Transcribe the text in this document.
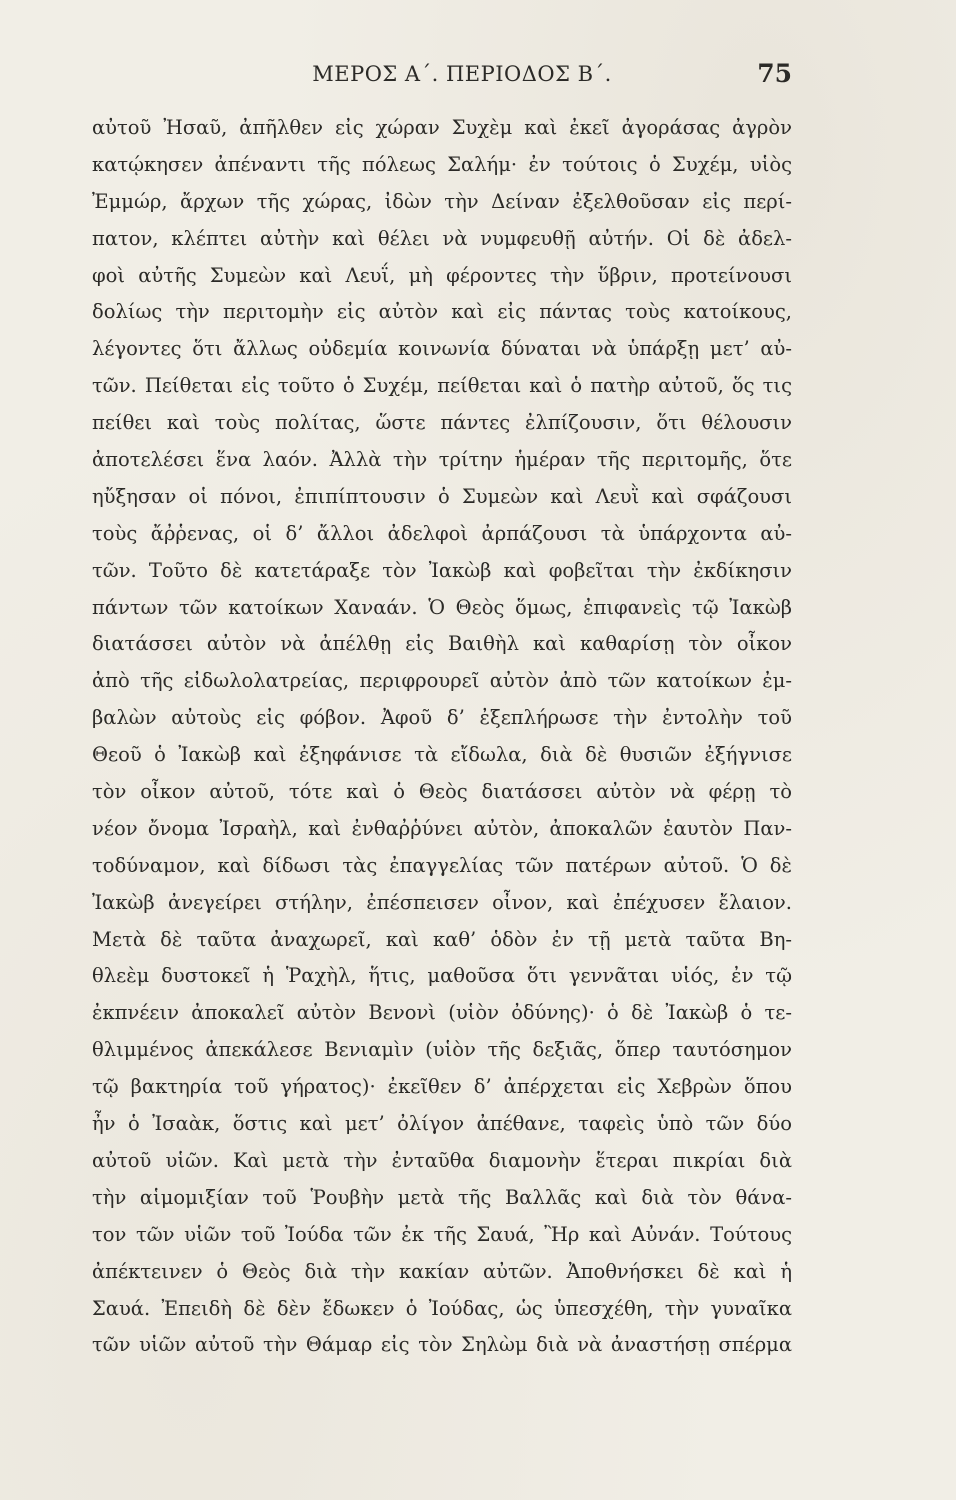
ΜΕΡΟΣ Α΄. ΠΕΡΙΟΔΟΣ Β΄.	75
αὐτοῦ Ἠσαῦ, ἀπῆλθεν εἰς χώραν Συχὲμ καὶ ἐκεῖ ἀγοράσας ἀγρὸν
κατῴκησεν ἀπέναντι τῆς πόλεως Σαλήμ· ἐν τούτοις ὁ Συχέμ, υἱὸς
Ἐμμώρ, ἄρχων τῆς χώρας, ἰδὼν τὴν Δείναν ἐξελθοῦσαν εἰς περί-
πατον, κλέπτει αὐτὴν καὶ θέλει νὰ νυμφευθῇ αὐτήν. Οἱ δὲ ἀδελ-
φοὶ αὐτῆς Συμεὼν καὶ Λευΐ, μὴ φέροντες τὴν ὕβριν, προτείνουσι
δολίως τὴν περιτομὴν εἰς αὐτὸν καὶ εἰς πάντας τοὺς κατοίκους,
λέγοντες ὅτι ἄλλως οὐδεμία κοινωνία δύναται νὰ ὑπάρξῃ μετ’ αὐ-
τῶν. Πείθεται εἰς τοῦτο ὁ Συχέμ, πείθεται καὶ ὁ πατὴρ αὐτοῦ, ὅς τις
πείθει καὶ τοὺς πολίτας, ὥστε πάντες ἐλπίζουσιν, ὅτι θέλουσιν
ἀποτελέσει ἕνα λαόν. Ἀλλὰ τὴν τρίτην ἡμέραν τῆς περιτομῆς, ὅτε
ηὔξησαν οἱ πόνοι, ἐπιπίπτουσιν ὁ Συμεὼν καὶ Λευῒ καὶ σφάζουσι
τοὺς ἄῤῥενας, οἱ δ’ ἄλλοι ἀδελφοὶ ἀρπάζουσι τὰ ὑπάρχοντα αὐ-
τῶν. Τοῦτο δὲ κατετάραξε τὸν Ἰακὼβ καὶ φοβεῖται τὴν ἐκδίκησιν
πάντων τῶν κατοίκων Χαναάν. Ὁ Θεὸς ὅμως, ἐπιφανεὶς τῷ Ἰακὼβ
διατάσσει αὐτὸν νὰ ἀπέλθῃ εἰς Βαιθὴλ καὶ καθαρίσῃ τὸν οἶκον
ἀπὸ τῆς εἰδωλολατρείας, περιφρουρεῖ αὐτὸν ἀπὸ τῶν κατοίκων ἐμ-
βαλὼν αὐτοὺς εἰς φόβον. Ἀφοῦ δ’ ἐξεπλήρωσε τὴν ἐντολὴν τοῦ
Θεοῦ ὁ Ἰακὼβ καὶ ἐξηφάνισε τὰ εἴδωλα, διὰ δὲ θυσιῶν ἐξήγνισε
τὸν οἶκον αὐτοῦ, τότε καὶ ὁ Θεὸς διατάσσει αὐτὸν νὰ φέρῃ τὸ
νέον ὄνομα Ἰσραὴλ, καὶ ἐνθαῤῥύνει αὐτὸν, ἀποκαλῶν ἑαυτὸν Παν-
τοδύναμον, καὶ δίδωσι τὰς ἐπαγγελίας τῶν πατέρων αὐτοῦ. Ὁ δὲ
Ἰακὼβ ἀνεγείρει στήλην, ἐπέσπεισεν οἶνον, καὶ ἐπέχυσεν ἔλαιον.
Μετὰ δὲ ταῦτα ἀναχωρεῖ, καὶ καθ’ ὁδὸν ἐν τῇ μετὰ ταῦτα Βη-
θλεὲμ δυστοκεῖ ἡ Ῥαχὴλ, ἥτις, μαθοῦσα ὅτι γεννᾶται υἱός, ἐν τῷ
ἐκπνέειν ἀποκαλεῖ αὐτὸν Βενονὶ (υἱὸν ὀδύνης)· ὁ δὲ Ἰακὼβ ὁ τε-
θλιμμένος ἀπεκάλεσε Βενιαμὶν (υἱὸν τῆς δεξιᾶς, ὅπερ ταυτόσημον
τῷ βακτηρία τοῦ γήρατος)· ἐκεῖθεν δ’ ἀπέρχεται εἰς Χεβρὼν ὅπου
ἦν ὁ Ἰσαὰκ, ὅστις καὶ μετ’ ὀλίγον ἀπέθανε, ταφεὶς ὑπὸ τῶν δύο
αὐτοῦ υἱῶν. Καὶ μετὰ τὴν ἐνταῦθα διαμονὴν ἕτεραι πικρίαι διὰ
τὴν αἱμομιξίαν τοῦ Ῥουβὴν μετὰ τῆς Βαλλᾶς καὶ διὰ τὸν θάνα-
τον τῶν υἱῶν τοῦ Ἰούδα τῶν ἐκ τῆς Σαυά, Ἢρ καὶ Αὐνάν. Τούτους
ἀπέκτεινεν ὁ Θεὸς διὰ τὴν κακίαν αὐτῶν. Ἀποθνήσκει δὲ καὶ ἡ
Σαυά. Ἐπειδὴ δὲ δὲν ἔδωκεν ὁ Ἰούδας, ὡς ὑπεσχέθη, τὴν γυναῖκα
τῶν υἱῶν αὐτοῦ τὴν Θάμαρ εἰς τὸν Σηλὼμ διὰ νὰ ἀναστήσῃ σπέρμα
